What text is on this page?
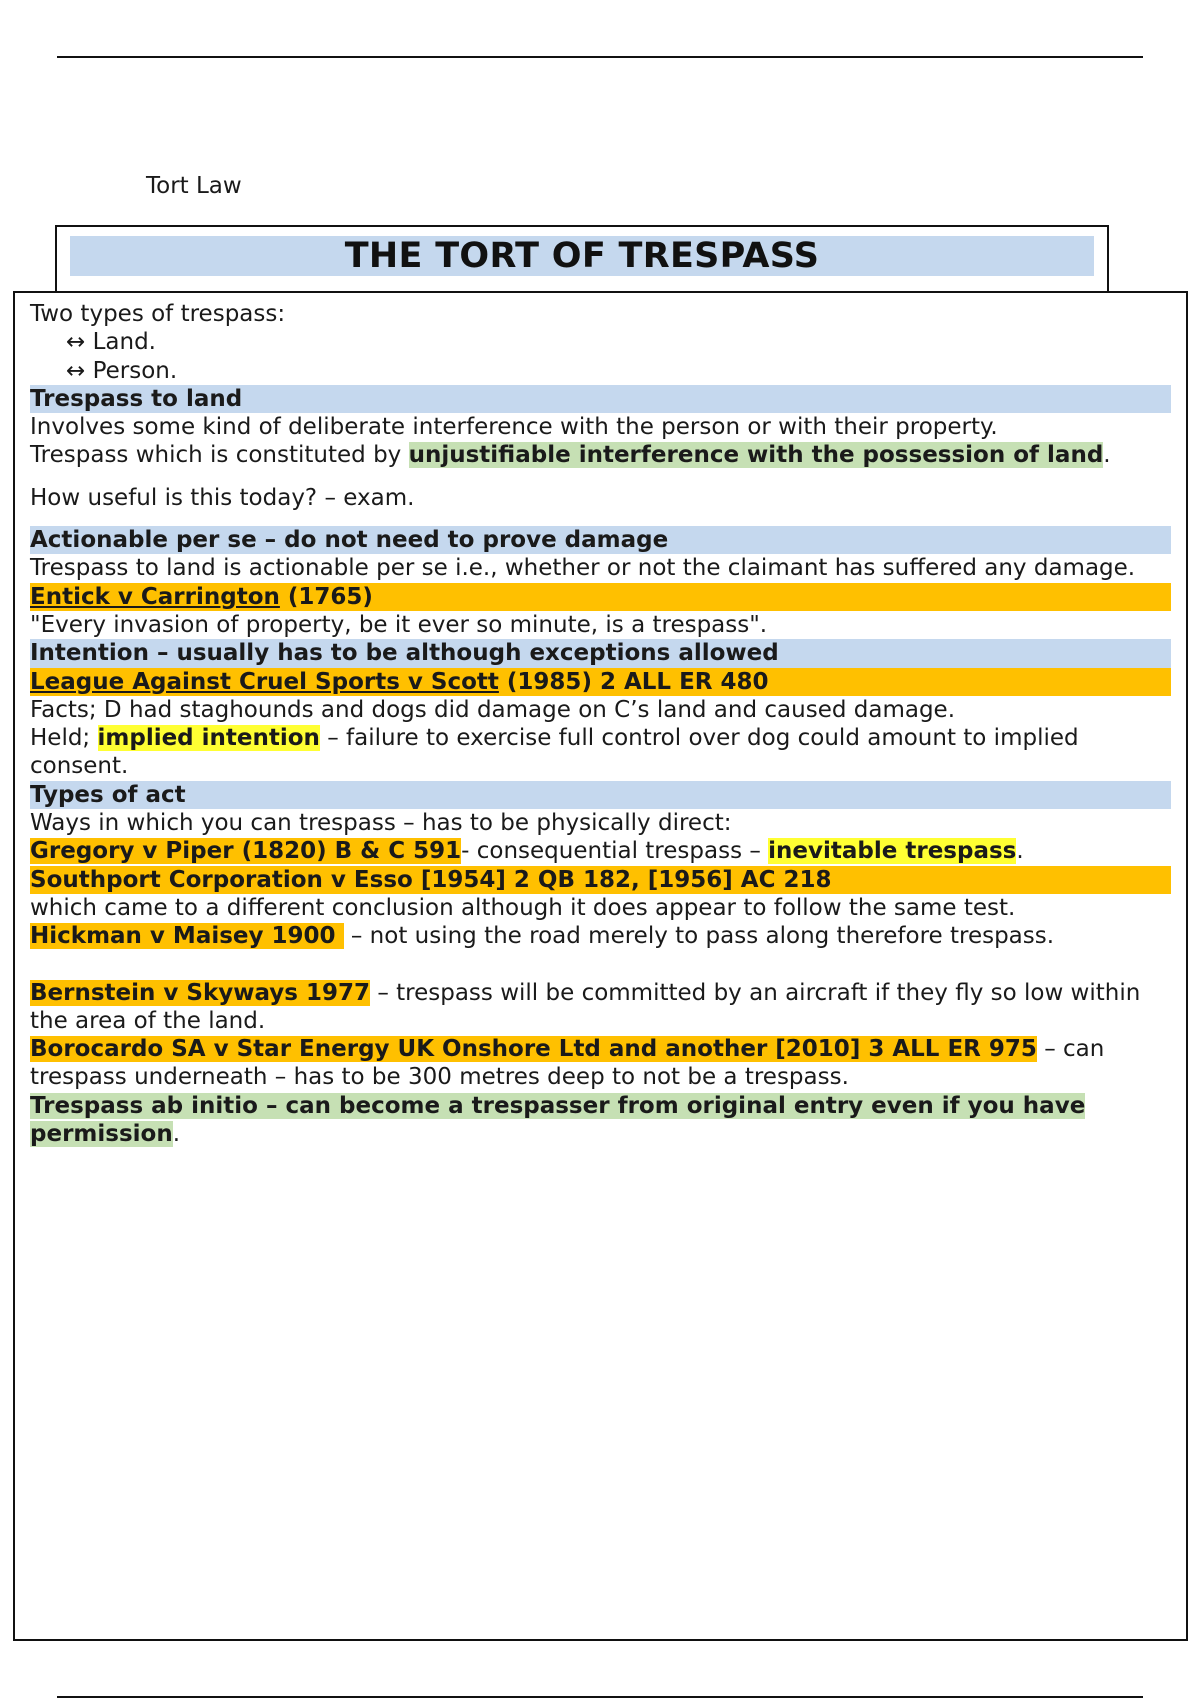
Tort Law
THE TORT OF TRESPASS
Two types of trespass:
↔ Land.
↔ Person.
Trespass to land
Involves some kind of deliberate interference with the person or with their property.
Trespass which is constituted by unjustifiable interference with the possession of land.
How useful is this today? – exam.
Actionable per se – do not need to prove damage
Trespass to land is actionable per se i.e., whether or not the claimant has suffered any damage.
Entick v Carrington (1765)
"Every invasion of property, be it ever so minute, is a trespass".
Intention – usually has to be although exceptions allowed
League Against Cruel Sports v Scott (1985) 2 ALL ER 480
Facts; D had staghounds and dogs did damage on C’s land and caused damage.
Held; implied intention – failure to exercise full control over dog could amount to implied consent.
Types of act
Ways in which you can trespass – has to be physically direct:
Gregory v Piper (1820) B & C 591- consequential trespass – inevitable trespass.
Southport Corporation v Esso [1954] 2 QB 182, [1956] AC 218
which came to a different conclusion although it does appear to follow the same test.
Hickman v Maisey 1900  – not using the road merely to pass along therefore trespass.
Bernstein v Skyways 1977 – trespass will be committed by an aircraft if they fly so low within the area of the land.
Borocardo SA v Star Energy UK Onshore Ltd and another [2010] 3 ALL ER 975 – can trespass underneath – has to be 300 metres deep to not be a trespass.
Trespass ab initio – can become a trespasser from original entry even if you have permission.
